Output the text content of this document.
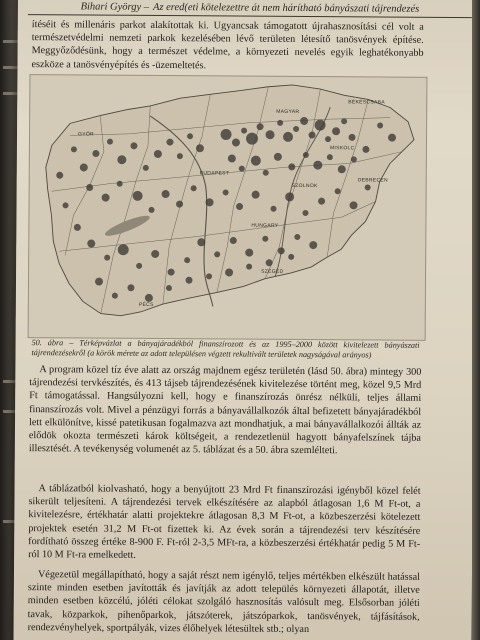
Bihari György – Az ered(eti kötelezettre át nem hárítható bányászati tájrendezés

ítéséit és millenáris parkot alakítottak ki. Ugyancsak támogatott újrahasznosítási cél volt a természetvédelmi nemzeti parkok kezelésében lévő területen létesítő tanösvények építése. Meggyőződésünk, hogy a természet védelme, a környezeti nevelés egyik leghatékonyabb eszköze a tanösvényépítés és -üzemeltetés.

BÉKÉSCSABA
MAGYAR
HUNGARY
SZOLNOK
MISKOLC
GYŐR
BUDAPEST
DEBRECEN
PÉCS
SZEGED

50. ábra – Térképvázlat a bányajáradékból finanszírozott és az 1995–2000 között kivitelezett bányászati tájrendezésekről (a körök mérete az adott településen végzett rekultivált területek nagyságával arányos)

A program közel tíz éve alatt az ország majdnem egész területén (lásd 50. ábra) mintegy 300 tájrendezési tervkészítés, és 413 tájseb tájrendezésének kivitelezése történt meg, közel 9,5 Mrd Ft támogatással. Hangsúlyozni kell, hogy e finanszírozás önrész nélküli, teljes állami finanszírozás volt. Mivel a pénzügyi forrás a bányavállalkozók által befizetett bányajáradékból lett elkülönítve, kissé patetikusan fogalmazva azt mondhatjuk, a mai bányavállalkozói állták az elődök okozta természeti károk költségeit, a rendezetlenül hagyott bányafelszínek tájba illesztését. A tevékenység volumenét az 5. táblázat és a 50. ábra szemlélteti.

A táblázatból kiolvasható, hogy a benyújtott 23 Mrd Ft finanszírozási igényből közel felét sikerült teljesíteni. A tájrendezési tervek elkészítésére az alapból átlagosan 1,6 M Ft-ot, a kivitelezésre, értékhatár alatti projektekre átlagosan 8,3 M Ft-ot, a közbeszerzési kötelezett projektek esetén 31,2 M Ft-ot fizettek ki. Az évek során a tájrendezési terv készítésére fordítható összeg értéke 8-900 F. Ft-ról 2-3,5 MFt-ra, a közbeszerzési értékhatár pedig 5 M Ft-ról 10 M Ft-ra emelkedett.

Végezetül megállapítható, hogy a saját részt nem igénylő, teljes mértékben elkészült hatással szinte minden esetben javították és javítják az adott település környezeti állapotát, illetve minden esetben közcélú, jóléti célokat szolgáló hasznosítás valósult meg. Elsősorban jóléti tavak, közparkok, pihenőparkok, játszóterek, játszóparkok, tanösvények, tájfásítások, rendezvényhelyek, sportpályák, vizes élőhelyek létesültek stb.; olyan
